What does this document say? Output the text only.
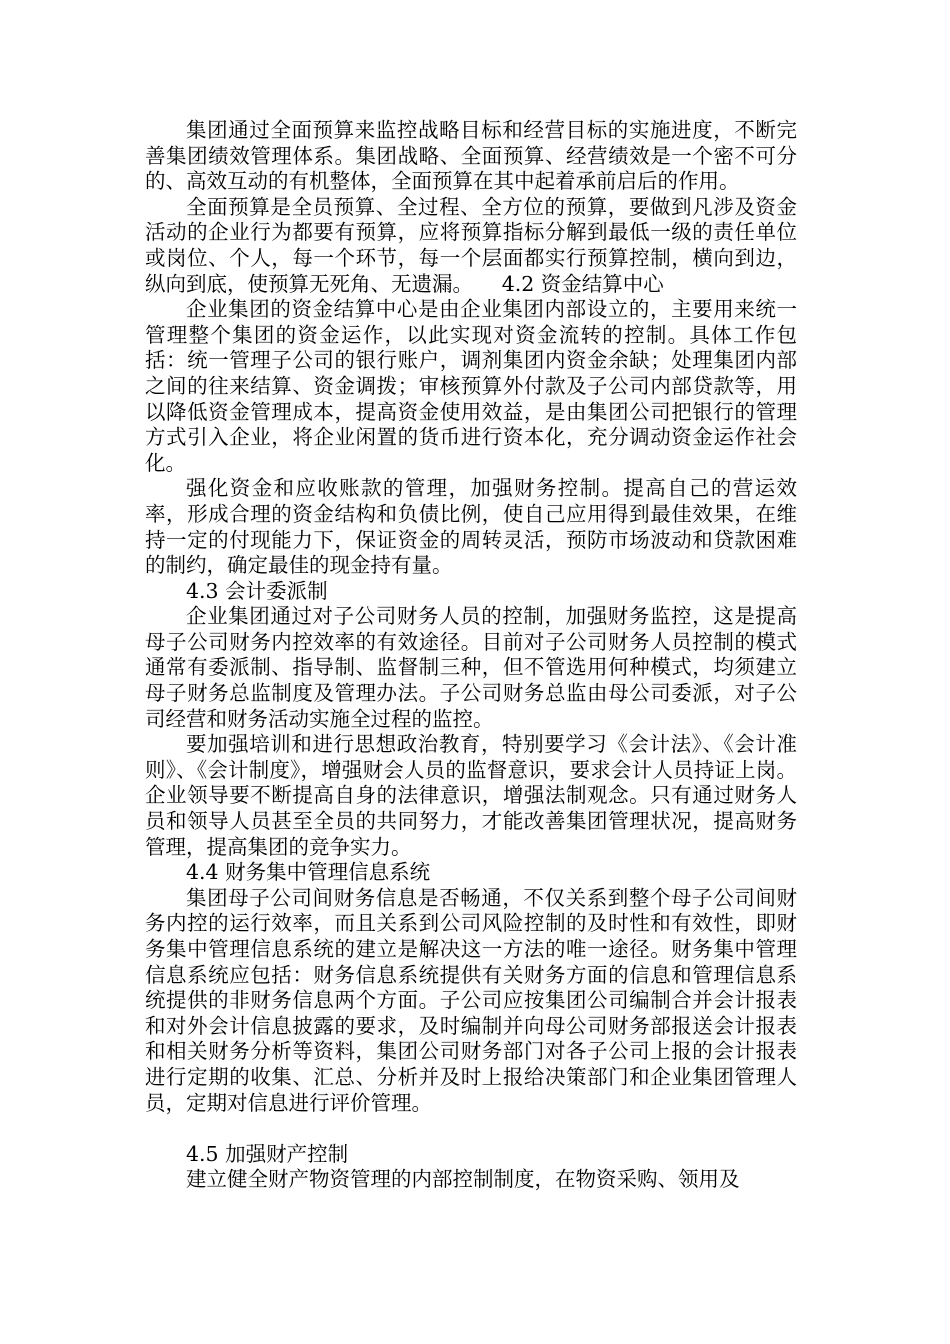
集团通过全面预算来监控战略目标和经营目标的实施进度，不断完善集团绩效管理体系。集团战略、全面预算、经营绩效是一个密不可分的、高效互动的有机整体，全面预算在其中起着承前启后的作用。

全面预算是全员预算、全过程、全方位的预算，要做到凡涉及资金活动的企业行为都要有预算，应将预算指标分解到最低一级的责任单位或岗位、个人，每一个环节，每一个层面都实行预算控制，横向到边，纵向到底，使预算无死角、无遗漏。 4.2 资金结算中心

企业集团的资金结算中心是由企业集团内部设立的，主要用来统一管理整个集团的资金运作，以此实现对资金流转的控制。具体工作包括：统一管理子公司的银行账户，调剂集团内资金余缺；处理集团内部之间的往来结算、资金调拨；审核预算外付款及子公司内部贷款等，用以降低资金管理成本，提高资金使用效益，是由集团公司把银行的管理方式引入企业，将企业闲置的货币进行资本化，充分调动资金运作社会化。

强化资金和应收账款的管理，加强财务控制。提高自己的营运效率，形成合理的资金结构和负债比例，使自己应用得到最佳效果，在维持一定的付现能力下，保证资金的周转灵活，预防市场波动和贷款困难的制约，确定最佳的现金持有量。

4.3 会计委派制

企业集团通过对子公司财务人员的控制，加强财务监控，这是提高母子公司财务内控效率的有效途径。目前对子公司财务人员控制的模式通常有委派制、指导制、监督制三种，但不管选用何种模式，均须建立母子财务总监制度及管理办法。子公司财务总监由母公司委派，对子公司经营和财务活动实施全过程的监控。

要加强培训和进行思想政治教育，特别要学习《会计法》、《会计准则》、《会计制度》，增强财会人员的监督意识，要求会计人员持证上岗。企业领导要不断提高自身的法律意识，增强法制观念。只有通过财务人员和领导人员甚至全员的共同努力，才能改善集团管理状况，提高财务管理，提高集团的竞争实力。

4.4 财务集中管理信息系统

集团母子公司间财务信息是否畅通，不仅关系到整个母子公司间财务内控的运行效率，而且关系到公司风险控制的及时性和有效性，即财务集中管理信息系统的建立是解决这一方法的唯一途径。财务集中管理信息系统应包括：财务信息系统提供有关财务方面的信息和管理信息系统提供的非财务信息两个方面。子公司应按集团公司编制合并会计报表和对外会计信息披露的要求，及时编制并向母公司财务部报送会计报表和相关财务分析等资料，集团公司财务部门对各子公司上报的会计报表进行定期的收集、汇总、分析并及时上报给决策部门和企业集团管理人员，定期对信息进行评价管理。

4.5 加强财产控制

建立健全财产物资管理的内部控制制度，在物资采购、领用及
